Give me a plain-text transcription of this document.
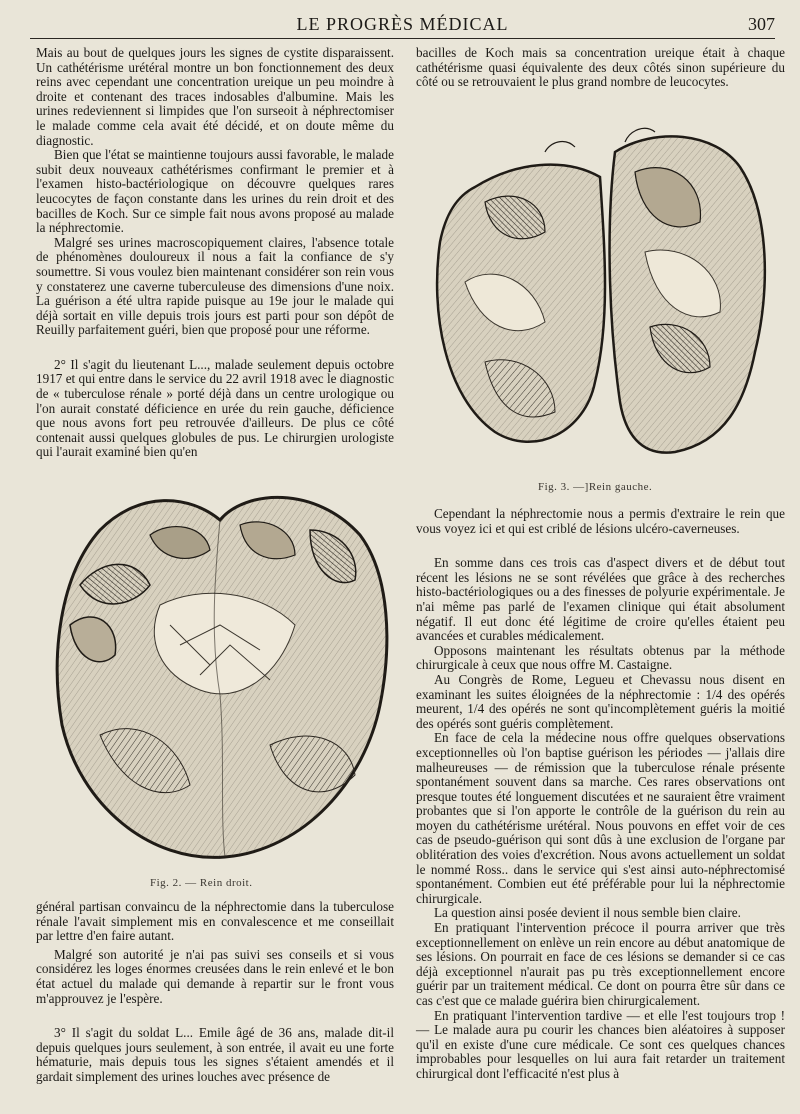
LE PROGRÈS MÉDICAL	307

Mais au bout de quelques jours les signes de cystite disparaissent. Un cathétérisme urétéral montre un bon fonctionnement des deux reins avec cependant une concentration ureique un peu moindre à droite et contenant des traces indosables d'albumine. Mais les urines redeviennent si limpides que l'on surseoit à néphrectomiser le malade comme cela avait été décidé, et on doute même du diagnostic.

Bien que l'état se maintienne toujours aussi favorable, le malade subit deux nouveaux cathétérismes confirmant le premier et à l'examen histo-bactériologique on découvre quelques rares leucocytes de façon constante dans les urines du rein droit et des bacilles de Koch. Sur ce simple fait nous avons proposé au malade la néphrectomie.

Malgré ses urines macroscopiquement claires, l'absence totale de phénomènes douloureux il nous a fait la confiance de s'y soumettre. Si vous voulez bien maintenant considérer son rein vous y constaterez une caverne tuberculeuse des dimensions d'une noix. La guérison a été ultra rapide puisque au 19e jour le malade qui déjà sortait en ville depuis trois jours est parti pour son dépôt de Reuilly parfaitement guéri, bien que proposé pour une réforme.

2° Il s'agit du lieutenant L..., malade seulement depuis octobre 1917 et qui entre dans le service du 22 avril 1918 avec le diagnostic de « tuberculose rénale » porté déjà dans un centre urologique ou l'on aurait constaté déficience en urée du rein gauche, déficience que nous avons fort peu retrouvée d'ailleurs. De plus ce côté contenait aussi quelques globules de pus. Le chirurgien urologiste qui l'aurait examiné bien qu'en

Fig. 2. — Rein droit.

général partisan convaincu de la néphrectomie dans la tuberculose rénale l'avait simplement mis en convalescence et me conseillait par lettre d'en faire autant.

Malgré son autorité je n'ai pas suivi ses conseils et si vous considérez les loges énormes creusées dans le rein enlevé et le bon état actuel du malade qui demande à repartir sur le front vous m'approuvez je l'espère.

3° Il s'agit du soldat L... Emile âgé de 36 ans, malade dit-il depuis quelques jours seulement, à son entrée, il avait eu une forte hématurie, mais depuis tous les signes s'étaient amendés et il gardait simplement des urines louches avec présence de

bacilles de Koch mais sa concentration ureique était à chaque cathétérisme quasi équivalente des deux côtés sinon supérieure du côté ou se retrouvaient le plus grand nombre de leucocytes.

Fig. 3. —]Rein gauche.

Cependant la néphrectomie nous a permis d'extraire le rein que vous voyez ici et qui est criblé de lésions ulcéro-caverneuses.

En somme dans ces trois cas d'aspect divers et de début tout récent les lésions ne se sont révélées que grâce à des recherches histo-bactériologiques ou a des finesses de polyurie expérimentale. Je n'ai même pas parlé de l'examen clinique qui était absolument négatif. Il eut donc été légitime de croire qu'elles étaient peu avancées et curables médicalement.

Opposons maintenant les résultats obtenus par la méthode chirurgicale à ceux que nous offre M. Castaigne.

Au Congrès de Rome, Legueu et Chevassu nous disent en examinant les suites éloignées de la néphrectomie : 1/4 des opérés meurent, 1/4 des opérés ne sont qu'incomplètement guéris la moitié des opérés sont guéris complètement.

En face de cela la médecine nous offre quelques observations exceptionnelles où l'on baptise guérison les périodes — j'allais dire malheureuses — de rémission que la tuberculose rénale présente spontanément souvent dans sa marche. Ces rares observations ont presque toutes été longuement discutées et ne sauraient être vraiment probantes que si l'on apporte le contrôle de la guérison du rein au moyen du cathétérisme urétéral. Nous pouvons en effet voir de ces cas de pseudo-guérison qui sont dûs à une exclusion de l'organe par oblitération des voies d'excrétion. Nous avons actuellement un soldat le nommé Ross.. dans le service qui s'est ainsi auto-néphrectomisé spontanément. Combien eut été préférable pour lui la néphrectomie chirurgicale.

La question ainsi posée devient il nous semble bien claire.

En pratiquant l'intervention précoce il pourra arriver que très exceptionnellement on enlève un rein encore au début anatomique de ses lésions. On pourrait en face de ces lésions se demander si ce cas déjà exceptionnel n'aurait pas pu très exceptionnellement encore guérir par un traitement médical. Ce dont on pourra être sûr dans ce cas c'est que ce malade guérira bien chirurgicalement.

En pratiquant l'intervention tardive — et elle l'est toujours trop ! — Le malade aura pu courir les chances bien aléatoires à supposer qu'il en existe d'une cure médicale. Ce sont ces quelques chances improbables pour lesquelles on lui aura fait retarder un traitement chirurgical dont l'efficacité n'est plus à
